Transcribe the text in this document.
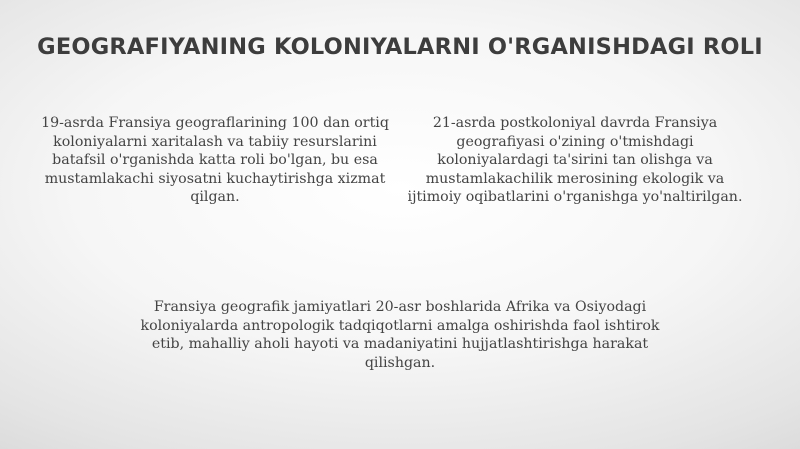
GEOGRAFIYANING KOLONIYALARNI O'RGANISHDAGI ROLI
19-asrda Fransiya geograflarining 100 dan ortiq koloniyalarni xaritalash va tabiiy resurslarini batafsil o'rganishda katta roli bo'lgan, bu esa mustamlakachi siyosatni kuchaytirishga xizmat qilgan.
21-asrda postkoloniyal davrda Fransiya geografiyasi o'zining o'tmishdagi koloniyalardagi ta'sirini tan olishga va mustamlakachilik merosining ekologik va ijtimoiy oqibatlarini o'rganishga yo'naltirilgan.
Fransiya geografik jamiyatlari 20-asr boshlarida Afrika va Osiyodagi koloniyalarda antropologik tadqiqotlarni amalga oshirishda faol ishtirok etib, mahalliy aholi hayoti va madaniyatini hujjatlashtirishga harakat qilishgan.
